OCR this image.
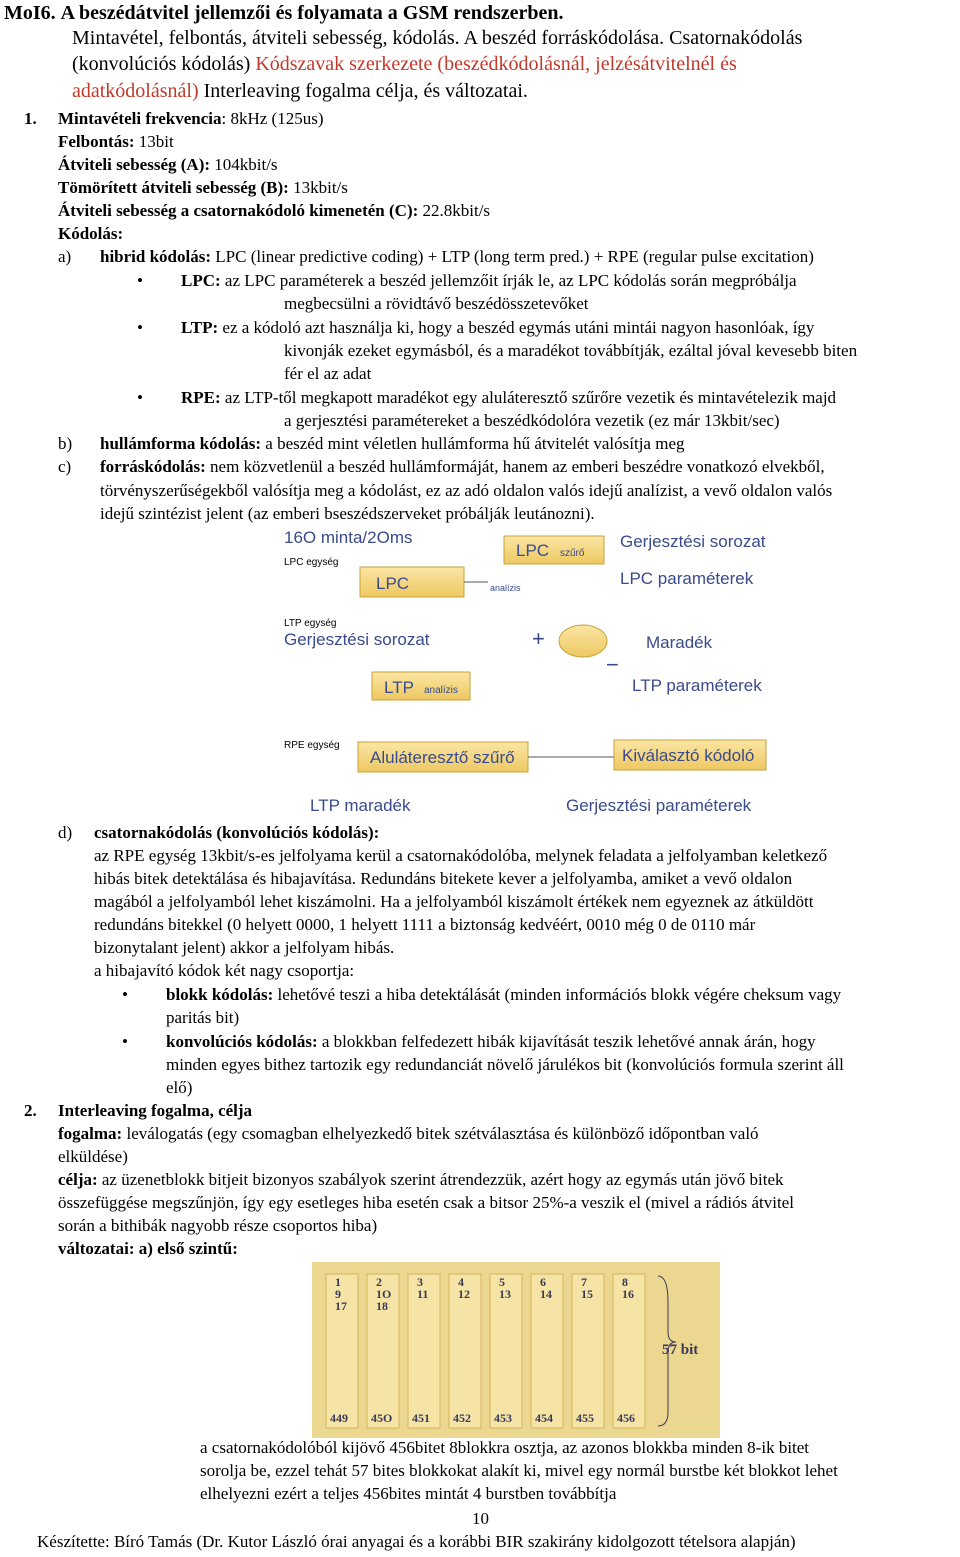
MoI6. A beszédátvitel jellemzői és folyamata a GSM rendszerben.
Mintavétel, felbontás, átviteli sebesség, kódolás. A beszéd forráskódolása. Csatornakódolás
(konvolúciós kódolás) Kódszavak szerkezete (beszédkódolásnál, jelzésátvitelnél és
adatkódolásnál) Interleaving fogalma célja, és változatai.
1. Mintavételi frekvencia: 8kHz (125us)
Felbontás: 13bit
Átviteli sebesség (A): 104kbit/s
Tömörített átviteli sebesség (B): 13kbit/s
Átviteli sebesség a csatornakódoló kimenetén (C): 22.8kbit/s
Kódolás:
a) hibrid kódolás: LPC (linear predictive coding) + LTP (long term pred.) + RPE (regular pulse excitation)
• LPC: az LPC paraméterek a beszéd jellemzőit írják le, az LPC kódolás során megpróbálja
megbecsülni a rövidtávő beszédösszetevőket
• LTP: ez a kódoló azt használja ki, hogy a beszéd egymás utáni mintái nagyon hasonlóak, így
kivonják ezeket egymásból, és a maradékot továbbítják, ezáltal jóval kevesebb biten
fér el az adat
• RPE: az LTP-től megkapott maradékot egy aluláteresztő szűrőre vezetik és mintavételezik majd
a gerjesztési paramétereket a beszédkódolóra vezetik (ez már 13kbit/sec)
b) hullámforma kódolás: a beszéd mint véletlen hullámforma hű átvitelét valósítja meg
c) forráskódolás: nem közvetlenül a beszéd hullámformáját, hanem az emberi beszédre vonatkozó elvekből,
törvényszerűségekből valósítja meg a kódolást, ez az adó oldalon valós idejű analízist, a vevő oldalon valós
idejű szintézist jelent (az emberi bseszédszerveket próbálják leutánozni).
16O minta/2Oms
LPC egység
LPC	analízis
LPC szűrő
Gerjesztési sorozat
LPC paraméterek
LTP egység
Gerjesztési sorozat	+
−
Maradék
LTP analízis	LTP paraméterek
RPE egység
Aluláteresztő szűrő	Kiválasztó kódoló
LTP maradék	Gerjesztési paraméterek
d) csatornakódolás (konvolúciós kódolás):
az RPE egység 13kbit/s-es jelfolyama kerül a csatornakódolóba, melynek feladata a jelfolyamban keletkező
hibás bitek detektálása és hibajavítása. Redundáns bitekete kever a jelfolyamba, amiket a vevő oldalon
magából a jelfolyamból lehet kiszámolni. Ha a jelfolyamból kiszámolt értékek nem egyeznek az átküldött
redundáns bitekkel (0 helyett 0000, 1 helyett 1111 a biztonság kedvéért, 0010 még 0 de 0110 már
bizonytalant jelent) akkor a jelfolyam hibás.
a hibajavító kódok két nagy csoportja:
• blokk kódolás: lehetővé teszi a hiba detektálását (minden információs blokk végére cheksum vagy
paritás bit)
• konvolúciós kódolás: a blokkban felfedezett hibák kijavítását teszik lehetővé annak árán, hogy
minden egyes bithez tartozik egy redundanciát növelő járulékos bit (konvolúciós formula szerint áll
elő)
2. Interleaving fogalma, célja
fogalma: leválogatás (egy csomagban elhelyezkedő bitek szétválasztása és különböző időpontban való
elküldése)
célja: az üzenetblokk bitjeit bizonyos szabályok szerint átrendezzük, azért hogy az egymás után jövő bitek
összefüggése megszűnjön, így egy esetleges hiba esetén csak a bitsor 25%-a veszik el (mivel a rádiós átvitel
során a bithibák nagyobb része csoportos hiba)
változatai: a) első szintű:
1
9
17
449
2
1O
18
45O
3
11
451
4
12
452
5
13
453
6
14
454
7
15
455
8
16
456
57 bit
a csatornakódolóból kijövő 456bitet 8blokkra osztja, az azonos blokkba minden 8-ik bitet
sorolja be, ezzel tehát 57 bites blokkokat alakít ki, mivel egy normál burstbe két blokkot lehet
elhelyezni ezért a teljes 456bites mintát 4 burstben továbbítja
10
Készítette: Bíró Tamás (Dr. Kutor László órai anyagai és a korábbi BIR szakirány kidolgozott tételsora alapján)
